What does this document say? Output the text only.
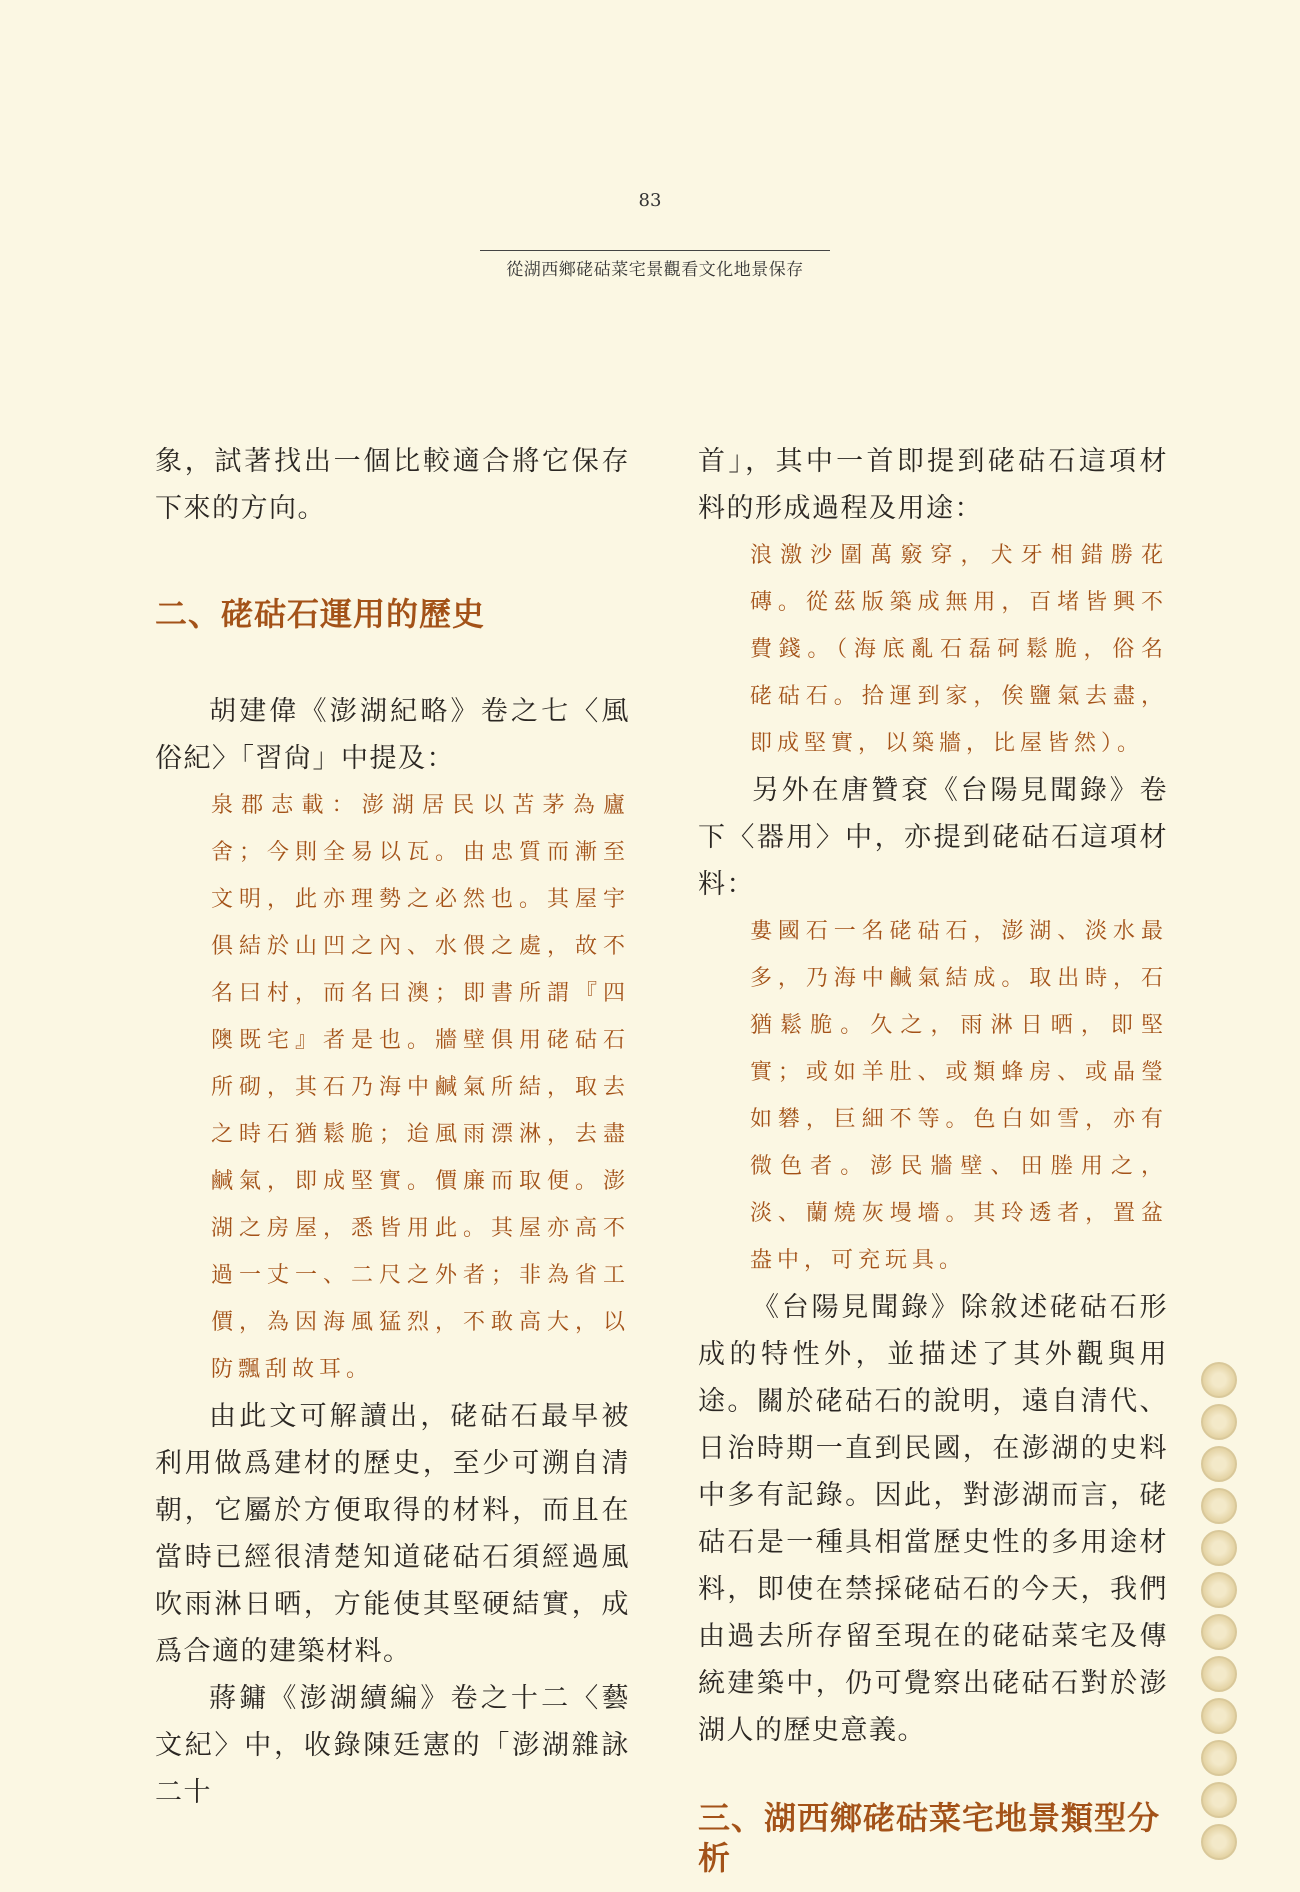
83
從湖西鄉硓𥑮菜宅景觀看文化地景保存

象，試著找出一個比較適合將它保存下來的方向。

二、硓𥑮石運用的歷史

胡建偉《澎湖紀略》卷之七〈風俗紀〉「習尙」中提及：

泉郡志載：澎湖居民以苫茅為廬舍；今則全易以瓦。由忠質而漸至文明，此亦理勢之必然也。其屋宇俱結於山凹之內、水偎之處，故不名曰村，而名曰澳；即書所謂『四隩既宅』者是也。牆壁俱用硓𥑮石所砌，其石乃海中鹹氣所結，取去之時石猶鬆脆；迨風雨漂淋，去盡鹹氣，即成堅實。價廉而取便。澎湖之房屋，悉皆用此。其屋亦高不過一丈一、二尺之外者；非為省工價，為因海風猛烈，不敢高大，以防飄刮故耳。

由此文可解讀出，硓𥑮石最早被利用做爲建材的歷史，至少可溯自清朝，它屬於方便取得的材料，而且在當時已經很清楚知道硓𥑮石須經過風吹雨淋日晒，方能使其堅硬結實，成爲合適的建築材料。

蔣鏞《澎湖續編》卷之十二〈藝文紀〉中，收錄陳廷憲的「澎湖雜詠二十

首」，其中一首即提到硓𥑮石這項材料的形成過程及用途：

浪激沙圍萬竅穿，犬牙相錯勝花磚。從茲版築成無用，百堵皆興不費錢。（海底亂石磊砢鬆脆，俗名硓𥑮石。拾運到家，俟鹽氣去盡，即成堅實，以築牆，比屋皆然）。

另外在唐贊袞《台陽見聞錄》卷下〈器用〉中，亦提到硓𥑮石這項材料：

婁國石一名硓𥑮石，澎湖、淡水最多，乃海中鹹氣結成。取出時，石猶鬆脆。久之，雨淋日晒，即堅實；或如羊肚、或類蜂房、或晶瑩如礬，巨細不等。色白如雪，亦有微色者。澎民牆壁、田塍用之，淡、蘭燒灰墁墻。其玲透者，置盆盎中，可充玩具。

《台陽見聞錄》除敘述硓𥑮石形成的特性外，並描述了其外觀與用途。關於硓𥑮石的說明，遠自清代、日治時期一直到民國，在澎湖的史料中多有記錄。因此，對澎湖而言，硓𥑮石是一種具相當歷史性的多用途材料，即使在禁採硓𥑮石的今天，我們由過去所存留至現在的硓𥑮菜宅及傳統建築中，仍可覺察出硓𥑮石對於澎湖人的歷史意義。

三、湖西鄉硓𥑮菜宅地景類型分析
